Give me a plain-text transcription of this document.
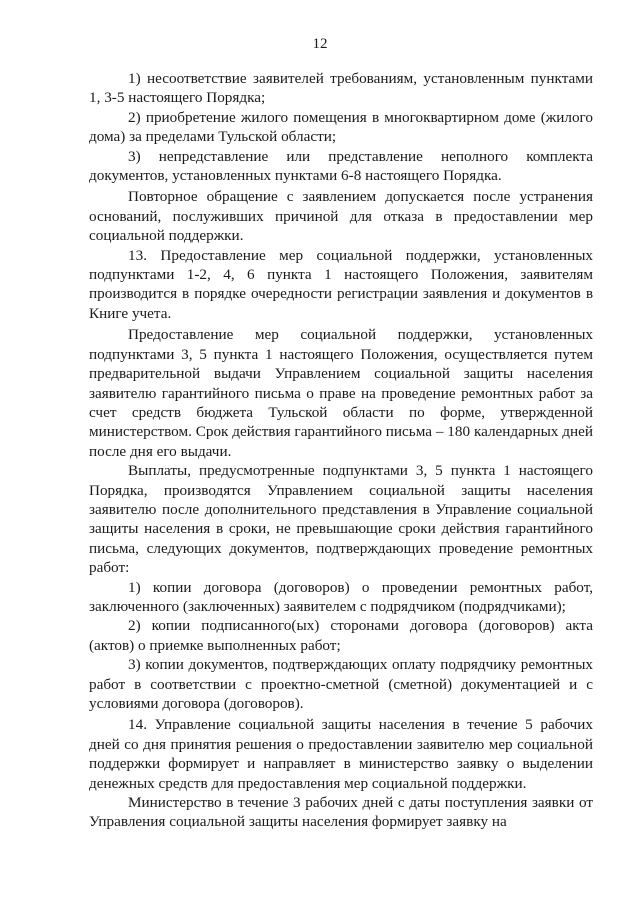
12

1) несоответствие заявителей требованиям, установленным пунктами 1, 3-5 настоящего Порядка;

2) приобретение жилого помещения в многоквартирном доме (жилого дома) за пределами Тульской области;

3) непредставление или представление неполного комплекта документов, установленных пунктами 6-8 настоящего Порядка.

Повторное обращение с заявлением допускается после устранения оснований, послуживших причиной для отказа в предоставлении мер социальной поддержки.

13. Предоставление мер социальной поддержки, установленных подпунктами 1-2, 4, 6 пункта 1 настоящего Положения, заявителям производится в порядке очередности регистрации заявления и документов в Книге учета.

Предоставление мер социальной поддержки, установленных подпунктами 3, 5 пункта 1 настоящего Положения, осуществляется путем предварительной выдачи Управлением социальной защиты населения заявителю гарантийного письма о праве на проведение ремонтных работ за счет средств бюджета Тульской области по форме, утвержденной министерством. Срок действия гарантийного письма – 180 календарных дней после дня его выдачи.

Выплаты, предусмотренные подпунктами 3, 5 пункта 1 настоящего Порядка, производятся Управлением социальной защиты населения заявителю после дополнительного представления в Управление социальной защиты населения в сроки, не превышающие сроки действия гарантийного письма, следующих документов, подтверждающих проведение ремонтных работ:

1) копии договора (договоров) о проведении ремонтных работ, заключенного (заключенных) заявителем с подрядчиком (подрядчиками);

2) копии подписанного(ых) сторонами договора (договоров) акта (актов) о приемке выполненных работ;

3) копии документов, подтверждающих оплату подрядчику ремонтных работ в соответствии с проектно-сметной (сметной) документацией и с условиями договора (договоров).

14. Управление социальной защиты населения в течение 5 рабочих дней со дня принятия решения о предоставлении заявителю мер социальной поддержки формирует и направляет в министерство заявку о выделении денежных средств для предоставления мер социальной поддержки.

Министерство в течение 3 рабочих дней с даты поступления заявки от Управления социальной защиты населения формирует заявку на
